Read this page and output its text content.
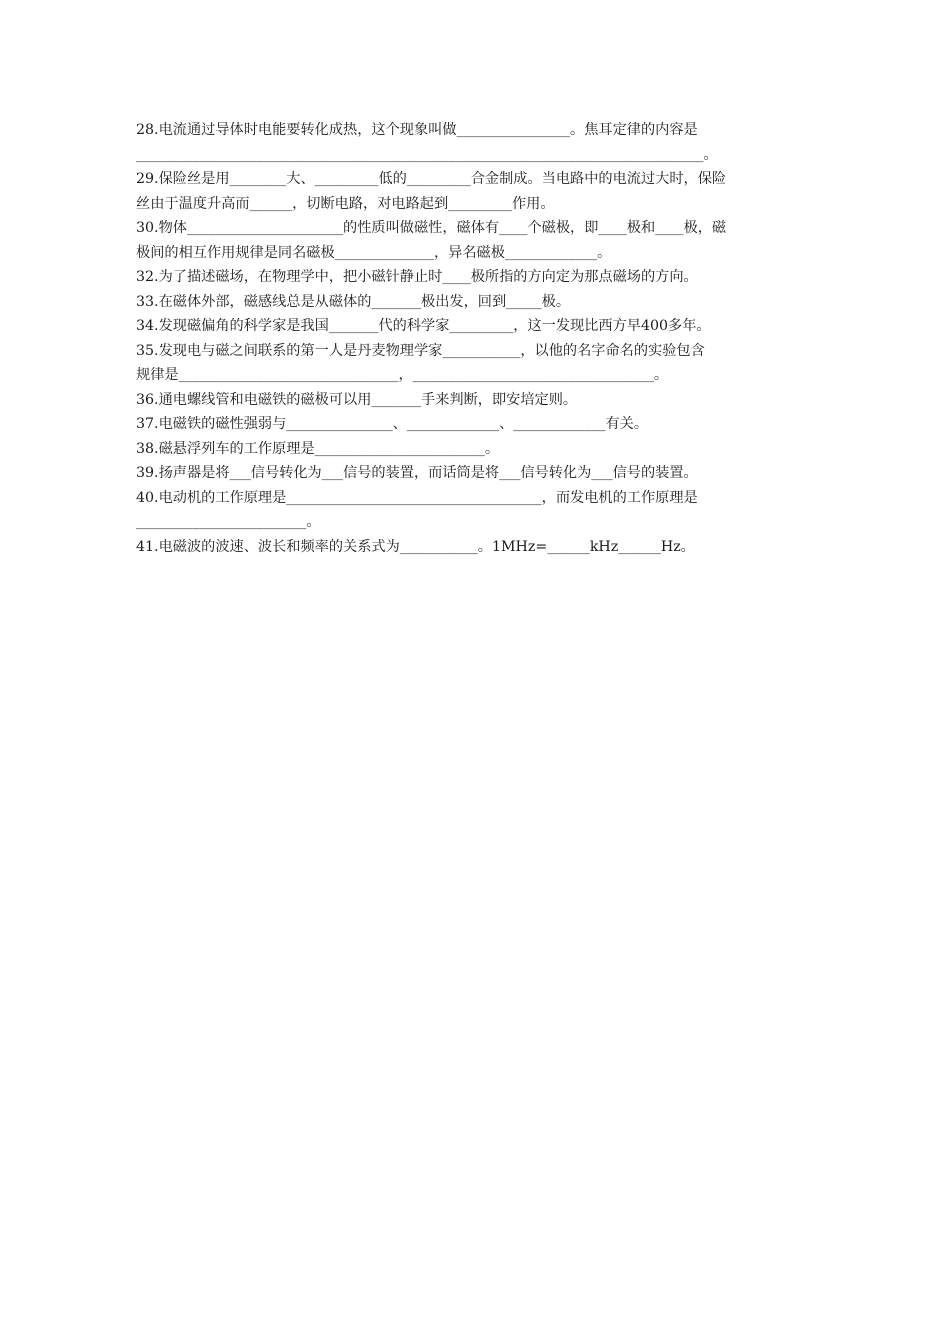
28.电流通过导体时电能要转化成热，这个现象叫做________________。焦耳定律的内容是
________________________________________________________________________________。
29.保险丝是用________大、_________低的_________合金制成。当电路中的电流过大时，保险
丝由于温度升高而______，切断电路，对电路起到_________作用。
30.物体______________________的性质叫做磁性，磁体有____个磁极，即____极和____极，磁
极间的相互作用规律是同名磁极______________，异名磁极_____________。
32.为了描述磁场，在物理学中，把小磁针静止时____极所指的方向定为那点磁场的方向。
33.在磁体外部，磁感线总是从磁体的_______极出发，回到_____极。
34.发现磁偏角的科学家是我国_______代的科学家_________，这一发现比西方早400多年。
35.发现电与磁之间联系的第一人是丹麦物理学家___________，以他的名字命名的实验包含
规律是_______________________________，__________________________________。
36.通电螺线管和电磁铁的磁极可以用_______手来判断，即安培定则。
37.电磁铁的磁性强弱与_______________、_____________、_____________有关。
38.磁悬浮列车的工作原理是________________________。
39.扬声器是将___信号转化为___信号的装置，而话筒是将___信号转化为___信号的装置。
40.电动机的工作原理是____________________________________，而发电机的工作原理是
________________________。
41.电磁波的波速、波长和频率的关系式为___________。1MHz=______kHz______Hz。
